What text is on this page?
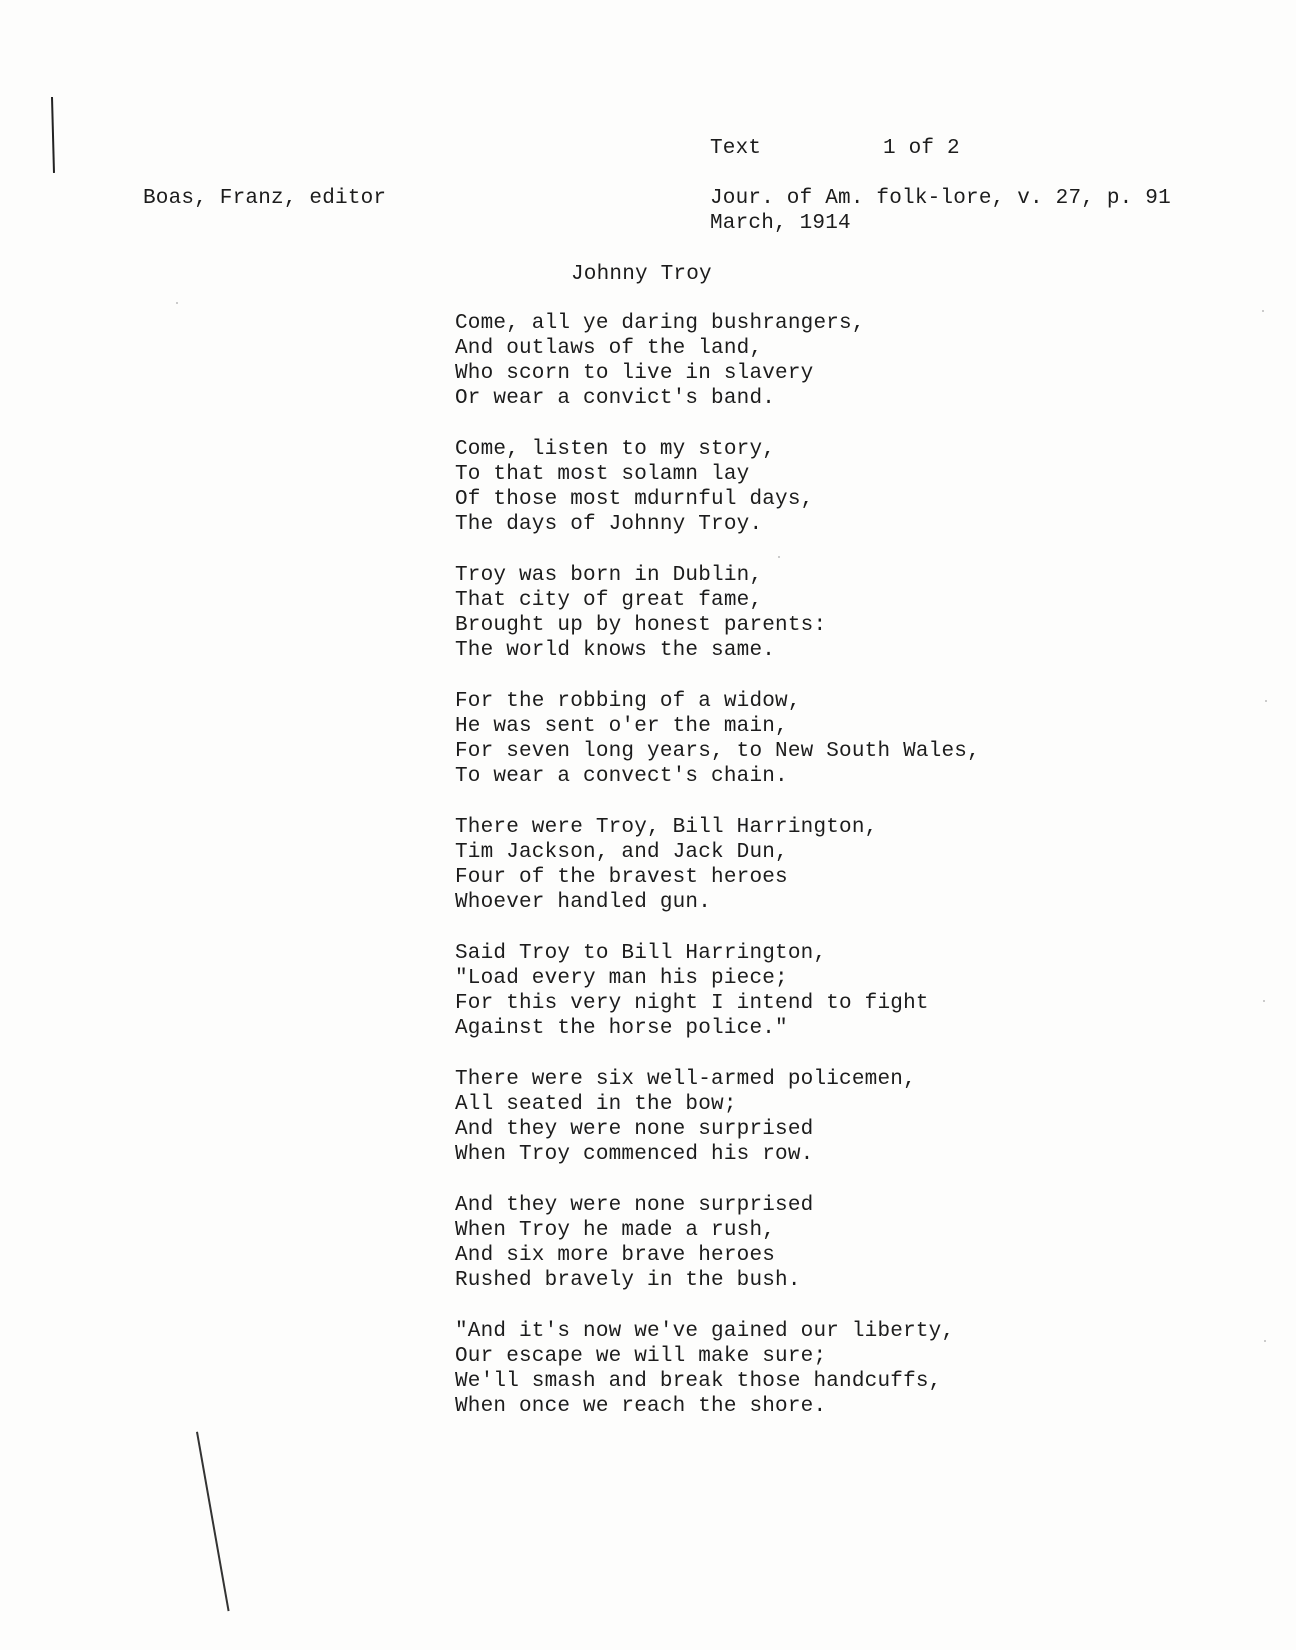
Text	1 of 2
Boas, Franz, editor	Jour. of Am. folk-lore, v. 27, p. 91
March, 1914
Johnny Troy
Come, all ye daring bushrangers,
And outlaws of the land,
Who scorn to live in slavery
Or wear a convict's band.
Come, listen to my story,
To that most solamn lay
Of those most mdurnful days,
The days of Johnny Troy.
Troy was born in Dublin,
That city of great fame,
Brought up by honest parents:
The world knows the same.
For the robbing of a widow,
He was sent o'er the main,
For seven long years, to New South Wales,
To wear a convect's chain.
There were Troy, Bill Harrington,
Tim Jackson, and Jack Dun,
Four of the bravest heroes
Whoever handled gun.
Said Troy to Bill Harrington,
"Load every man his piece;
For this very night I intend to fight
Against the horse police."
There were six well-armed policemen,
All seated in the bow;
And they were none surprised
When Troy commenced his row.
And they were none surprised
When Troy he made a rush,
And six more brave heroes
Rushed bravely in the bush.
"And it's now we've gained our liberty,
Our escape we will make sure;
We'll smash and break those handcuffs,
When once we reach the shore.
